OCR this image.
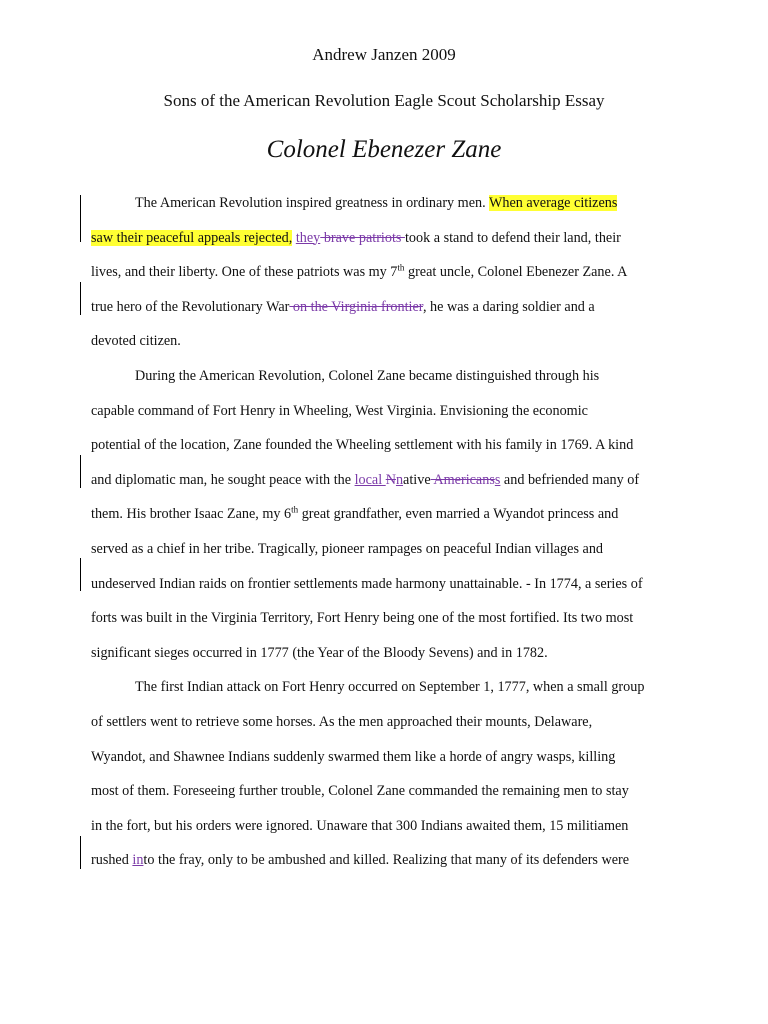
Andrew Janzen 2009
Sons of the American Revolution Eagle Scout Scholarship Essay
Colonel Ebenezer Zane
The American Revolution inspired greatness in ordinary men. When average citizens
saw their peaceful appeals rejected, they brave patriots took a stand to defend their land, their
lives, and their liberty. One of these patriots was my 7th great uncle, Colonel Ebenezer Zane. A
true hero of the Revolutionary War on the Virginia frontier, he was a daring soldier and a
devoted citizen.
During the American Revolution, Colonel Zane became distinguished through his
capable command of Fort Henry in Wheeling, West Virginia. Envisioning the economic
potential of the location, Zane founded the Wheeling settlement with his family in 1769. A kind
and diplomatic man, he sought peace with the local Nnative Americanss and befriended many of
them. His brother Isaac Zane, my 6th great grandfather, even married a Wyandot princess and
served as a chief in her tribe. Tragically, pioneer rampages on peaceful Indian villages and
undeserved Indian raids on frontier settlements made harmony unattainable. - In 1774, a series of
forts was built in the Virginia Territory, Fort Henry being one of the most fortified. Its two most
significant sieges occurred in 1777 (the Year of the Bloody Sevens) and in 1782.
The first Indian attack on Fort Henry occurred on September 1, 1777, when a small group
of settlers went to retrieve some horses. As the men approached their mounts, Delaware,
Wyandot, and Shawnee Indians suddenly swarmed them like a horde of angry wasps, killing
most of them. Foreseeing further trouble, Colonel Zane commanded the remaining men to stay
in the fort, but his orders were ignored. Unaware that 300 Indians awaited them, 15 militiamen
rushed into the fray, only to be ambushed and killed. Realizing that many of its defenders were
